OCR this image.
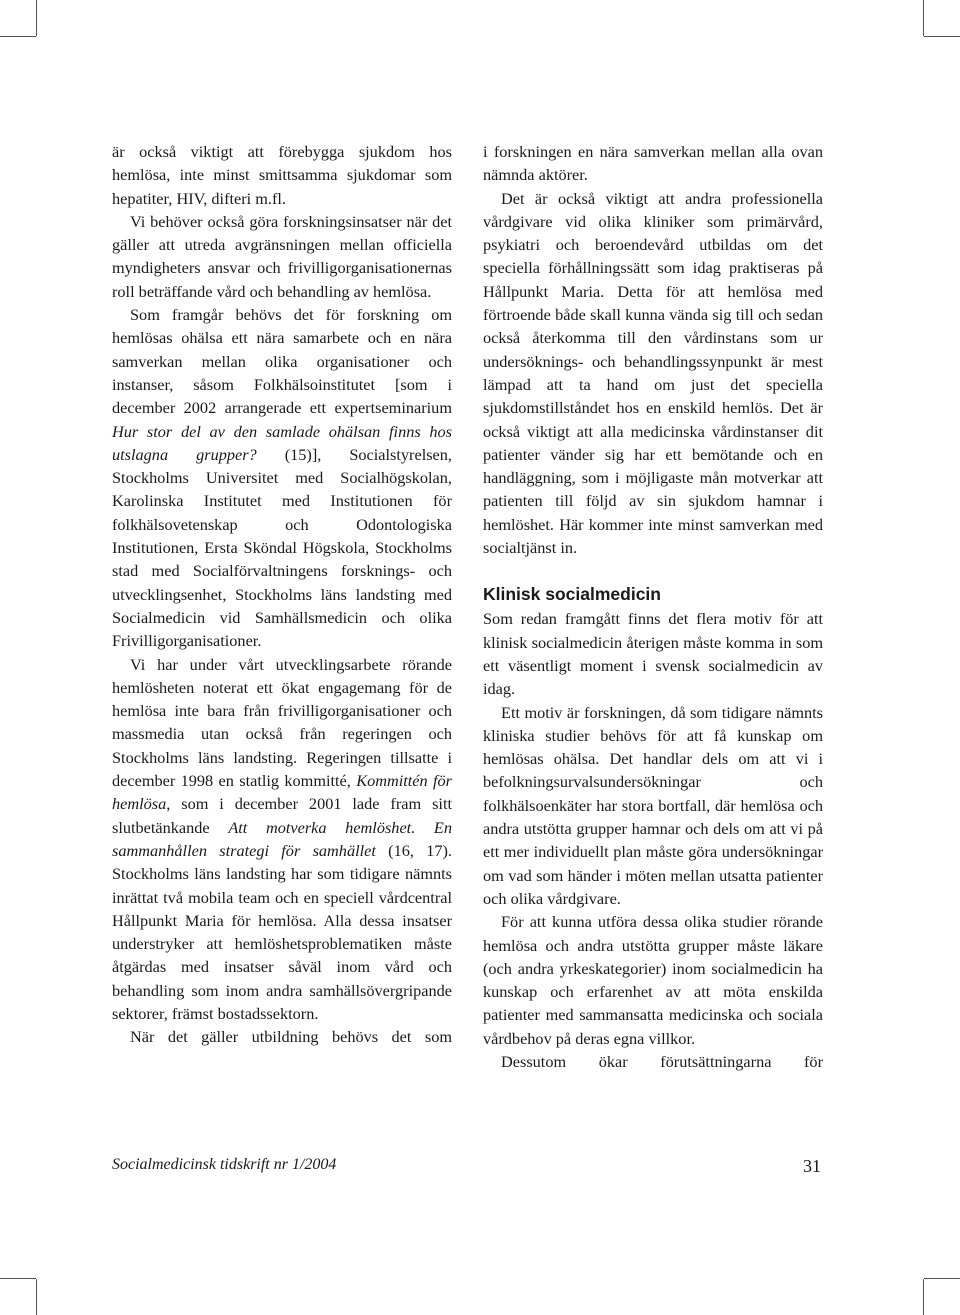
är också viktigt att förebygga sjukdom hos hemlösa, inte minst smittsamma sjukdomar som hepatiter, HIV, difteri m.fl.

Vi behöver också göra forskningsinsatser när det gäller att utreda avgränsningen mellan officiella myndigheters ansvar och frivilligorganisationernas roll beträffande vård och behandling av hemlösa.

Som framgår behövs det för forskning om hemlösas ohälsa ett nära samarbete och en nära samverkan mellan olika organisationer och instanser, såsom Folkhälsoinstitutet [som i december 2002 arrangerade ett expertseminarium Hur stor del av den samlade ohälsan finns hos utslagna grupper? (15)], Socialstyrelsen, Stockholms Universitet med Socialhögskolan, Karolinska Institutet med Institutionen för folkhälsovetenskap och Odontologiska Institutionen, Ersta Sköndal Högskola, Stockholms stad med Socialförvaltningens forsknings- och utvecklingsenhet, Stockholms läns landsting med Socialmedicin vid Samhällsmedicin och olika Frivilligorganisationer.

Vi har under vårt utvecklingsarbete rörande hemlösheten noterat ett ökat engagemang för de hemlösa inte bara från frivilligorganisationer och massmedia utan också från regeringen och Stockholms läns landsting. Regeringen tillsatte i december 1998 en statlig kommitté, Kommittén för hemlösa, som i december 2001 lade fram sitt slutbetänkande Att motverka hemlöshet. En sammanhållen strategi för samhället (16, 17). Stockholms läns landsting har som tidigare nämnts inrättat två mobila team och en speciell vårdcentral Hållpunkt Maria för hemlösa. Alla dessa insatser understryker att hemlöshetsproblematiken måste åtgärdas med insatser såväl inom vård och behandling som inom andra samhällsövergripande sektorer, främst bostadssektorn.

När det gäller utbildning behövs det som

i forskningen en nära samverkan mellan alla ovan nämnda aktörer.

Det är också viktigt att andra professionella vårdgivare vid olika kliniker som primärvård, psykiatri och beroendevård utbildas om det speciella förhållningssätt som idag praktiseras på Hållpunkt Maria. Detta för att hemlösa med förtroende både skall kunna vända sig till och sedan också återkomma till den vårdinstans som ur undersöknings- och behandlingssynpunkt är mest lämpad att ta hand om just det speciella sjukdomstillståndet hos en enskild hemlös. Det är också viktigt att alla medicinska vårdinstanser dit patienter vänder sig har ett bemötande och en handläggning, som i möjligaste mån motverkar att patienten till följd av sin sjukdom hamnar i hemlöshet. Här kommer inte minst samverkan med socialtjänst in.

Klinisk socialmedicin

Som redan framgått finns det flera motiv för att klinisk socialmedicin återigen måste komma in som ett väsentligt moment i svensk socialmedicin av idag.

Ett motiv är forskningen, då som tidigare nämnts kliniska studier behövs för att få kunskap om hemlösas ohälsa. Det handlar dels om att vi i befolkningsurvalsundersökningar och folkhälsoenkäter har stora bortfall, där hemlösa och andra utstötta grupper hamnar och dels om att vi på ett mer individuellt plan måste göra undersökningar om vad som händer i möten mellan utsatta patienter och olika vårdgivare.

För att kunna utföra dessa olika studier rörande hemlösa och andra utstötta grupper måste läkare (och andra yrkeskategorier) inom socialmedicin ha kunskap och erfarenhet av att möta enskilda patienter med sammansatta medicinska och sociala vårdbehov på deras egna villkor.

Dessutom ökar förutsättningarna för

Socialmedicinsk tidskrift nr 1/2004	31
